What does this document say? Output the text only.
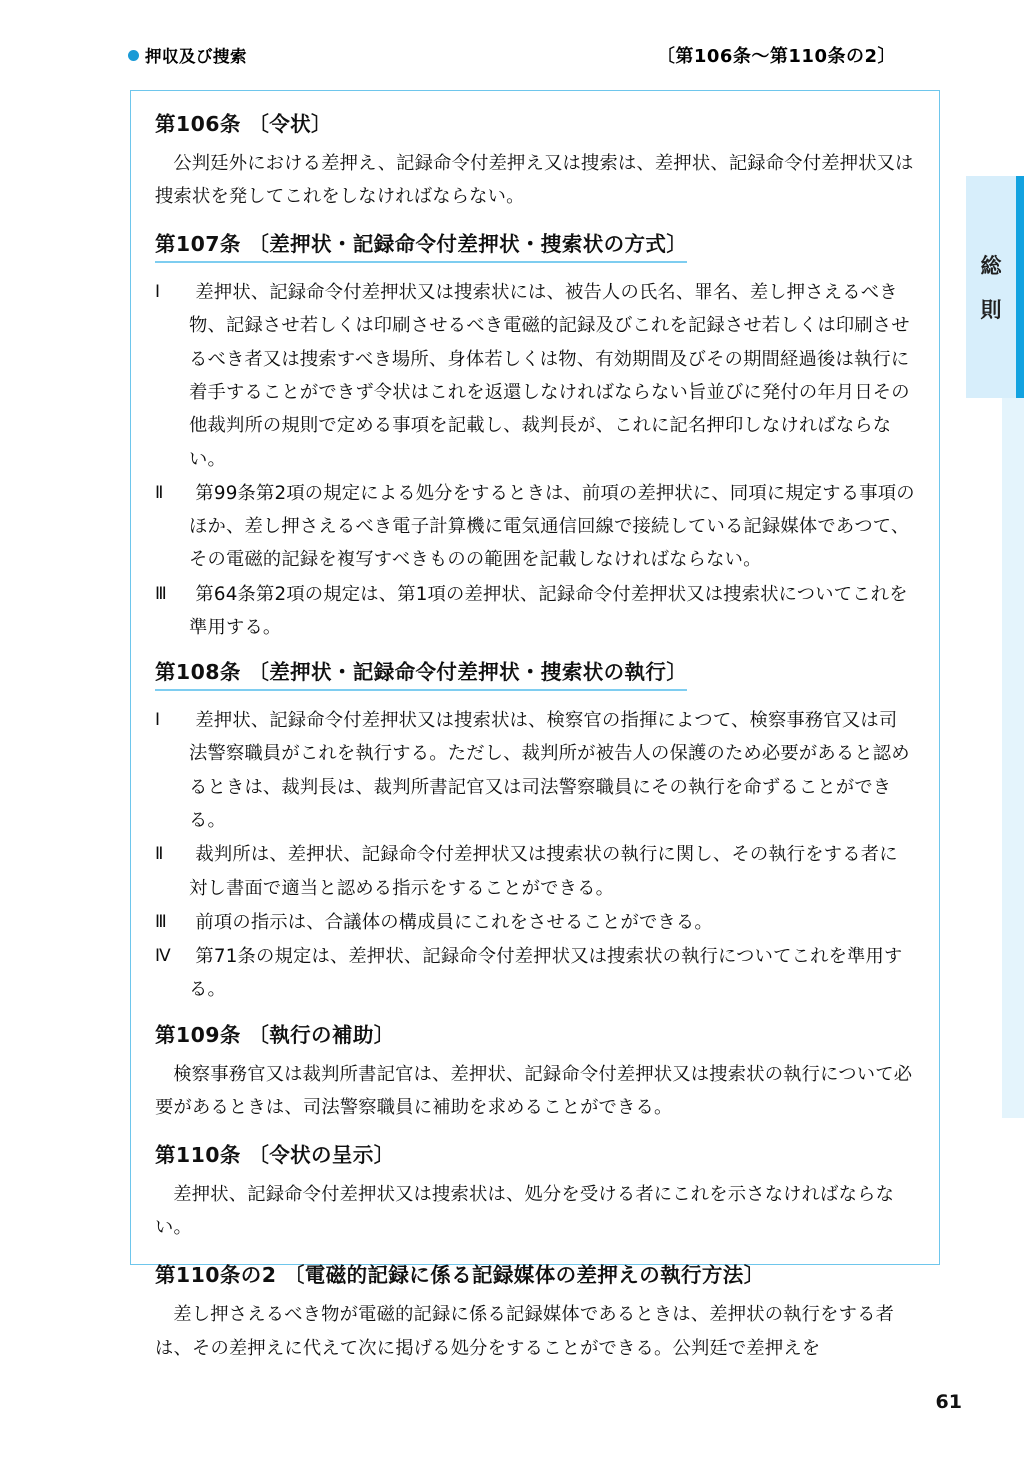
押収及び捜索	〔第106条〜第110条の2〕
総
則
第106条 〔令状〕

公判廷外における差押え、記録命令付差押え又は捜索は、差押状、記録命令付差押状又は捜索状を発してこれをしなければならない。

第107条 〔差押状・記録命令付差押状・捜索状の方式〕
Ⅰ	差押状、記録命令付差押状又は捜索状には、被告人の氏名、罪名、差し押さえるべき物、記録させ若しくは印刷させるべき電磁的記録及びこれを記録させ若しくは印刷させるべき者又は捜索すべき場所、身体若しくは物、有効期間及びその期間経過後は執行に着手することができず令状はこれを返還しなければならない旨並びに発付の年月日その他裁判所の規則で定める事項を記載し、裁判長が、これに記名押印しなければならない。
Ⅱ	第99条第2項の規定による処分をするときは、前項の差押状に、同項に規定する事項のほか、差し押さえるべき電子計算機に電気通信回線で接続している記録媒体であつて、その電磁的記録を複写すべきものの範囲を記載しなければならない。
Ⅲ	第64条第2項の規定は、第1項の差押状、記録命令付差押状又は捜索状についてこれを準用する。
第108条 〔差押状・記録命令付差押状・捜索状の執行〕
Ⅰ	差押状、記録命令付差押状又は捜索状は、検察官の指揮によつて、検察事務官又は司法警察職員がこれを執行する。ただし、裁判所が被告人の保護のため必要があると認めるときは、裁判長は、裁判所書記官又は司法警察職員にその執行を命ずることができる。
Ⅱ	裁判所は、差押状、記録命令付差押状又は捜索状の執行に関し、その執行をする者に対し書面で適当と認める指示をすることができる。
Ⅲ	前項の指示は、合議体の構成員にこれをさせることができる。
Ⅳ	第71条の規定は、差押状、記録命令付差押状又は捜索状の執行についてこれを準用する。
第109条 〔執行の補助〕

検察事務官又は裁判所書記官は、差押状、記録命令付差押状又は捜索状の執行について必要があるときは、司法警察職員に補助を求めることができる。

第110条 〔令状の呈示〕

差押状、記録命令付差押状又は捜索状は、処分を受ける者にこれを示さなければならない。

第110条の2 〔電磁的記録に係る記録媒体の差押えの執行方法〕

差し押さえるべき物が電磁的記録に係る記録媒体であるときは、差押状の執行をする者は、その差押えに代えて次に掲げる処分をすることができる。公判廷で差押えを

61
